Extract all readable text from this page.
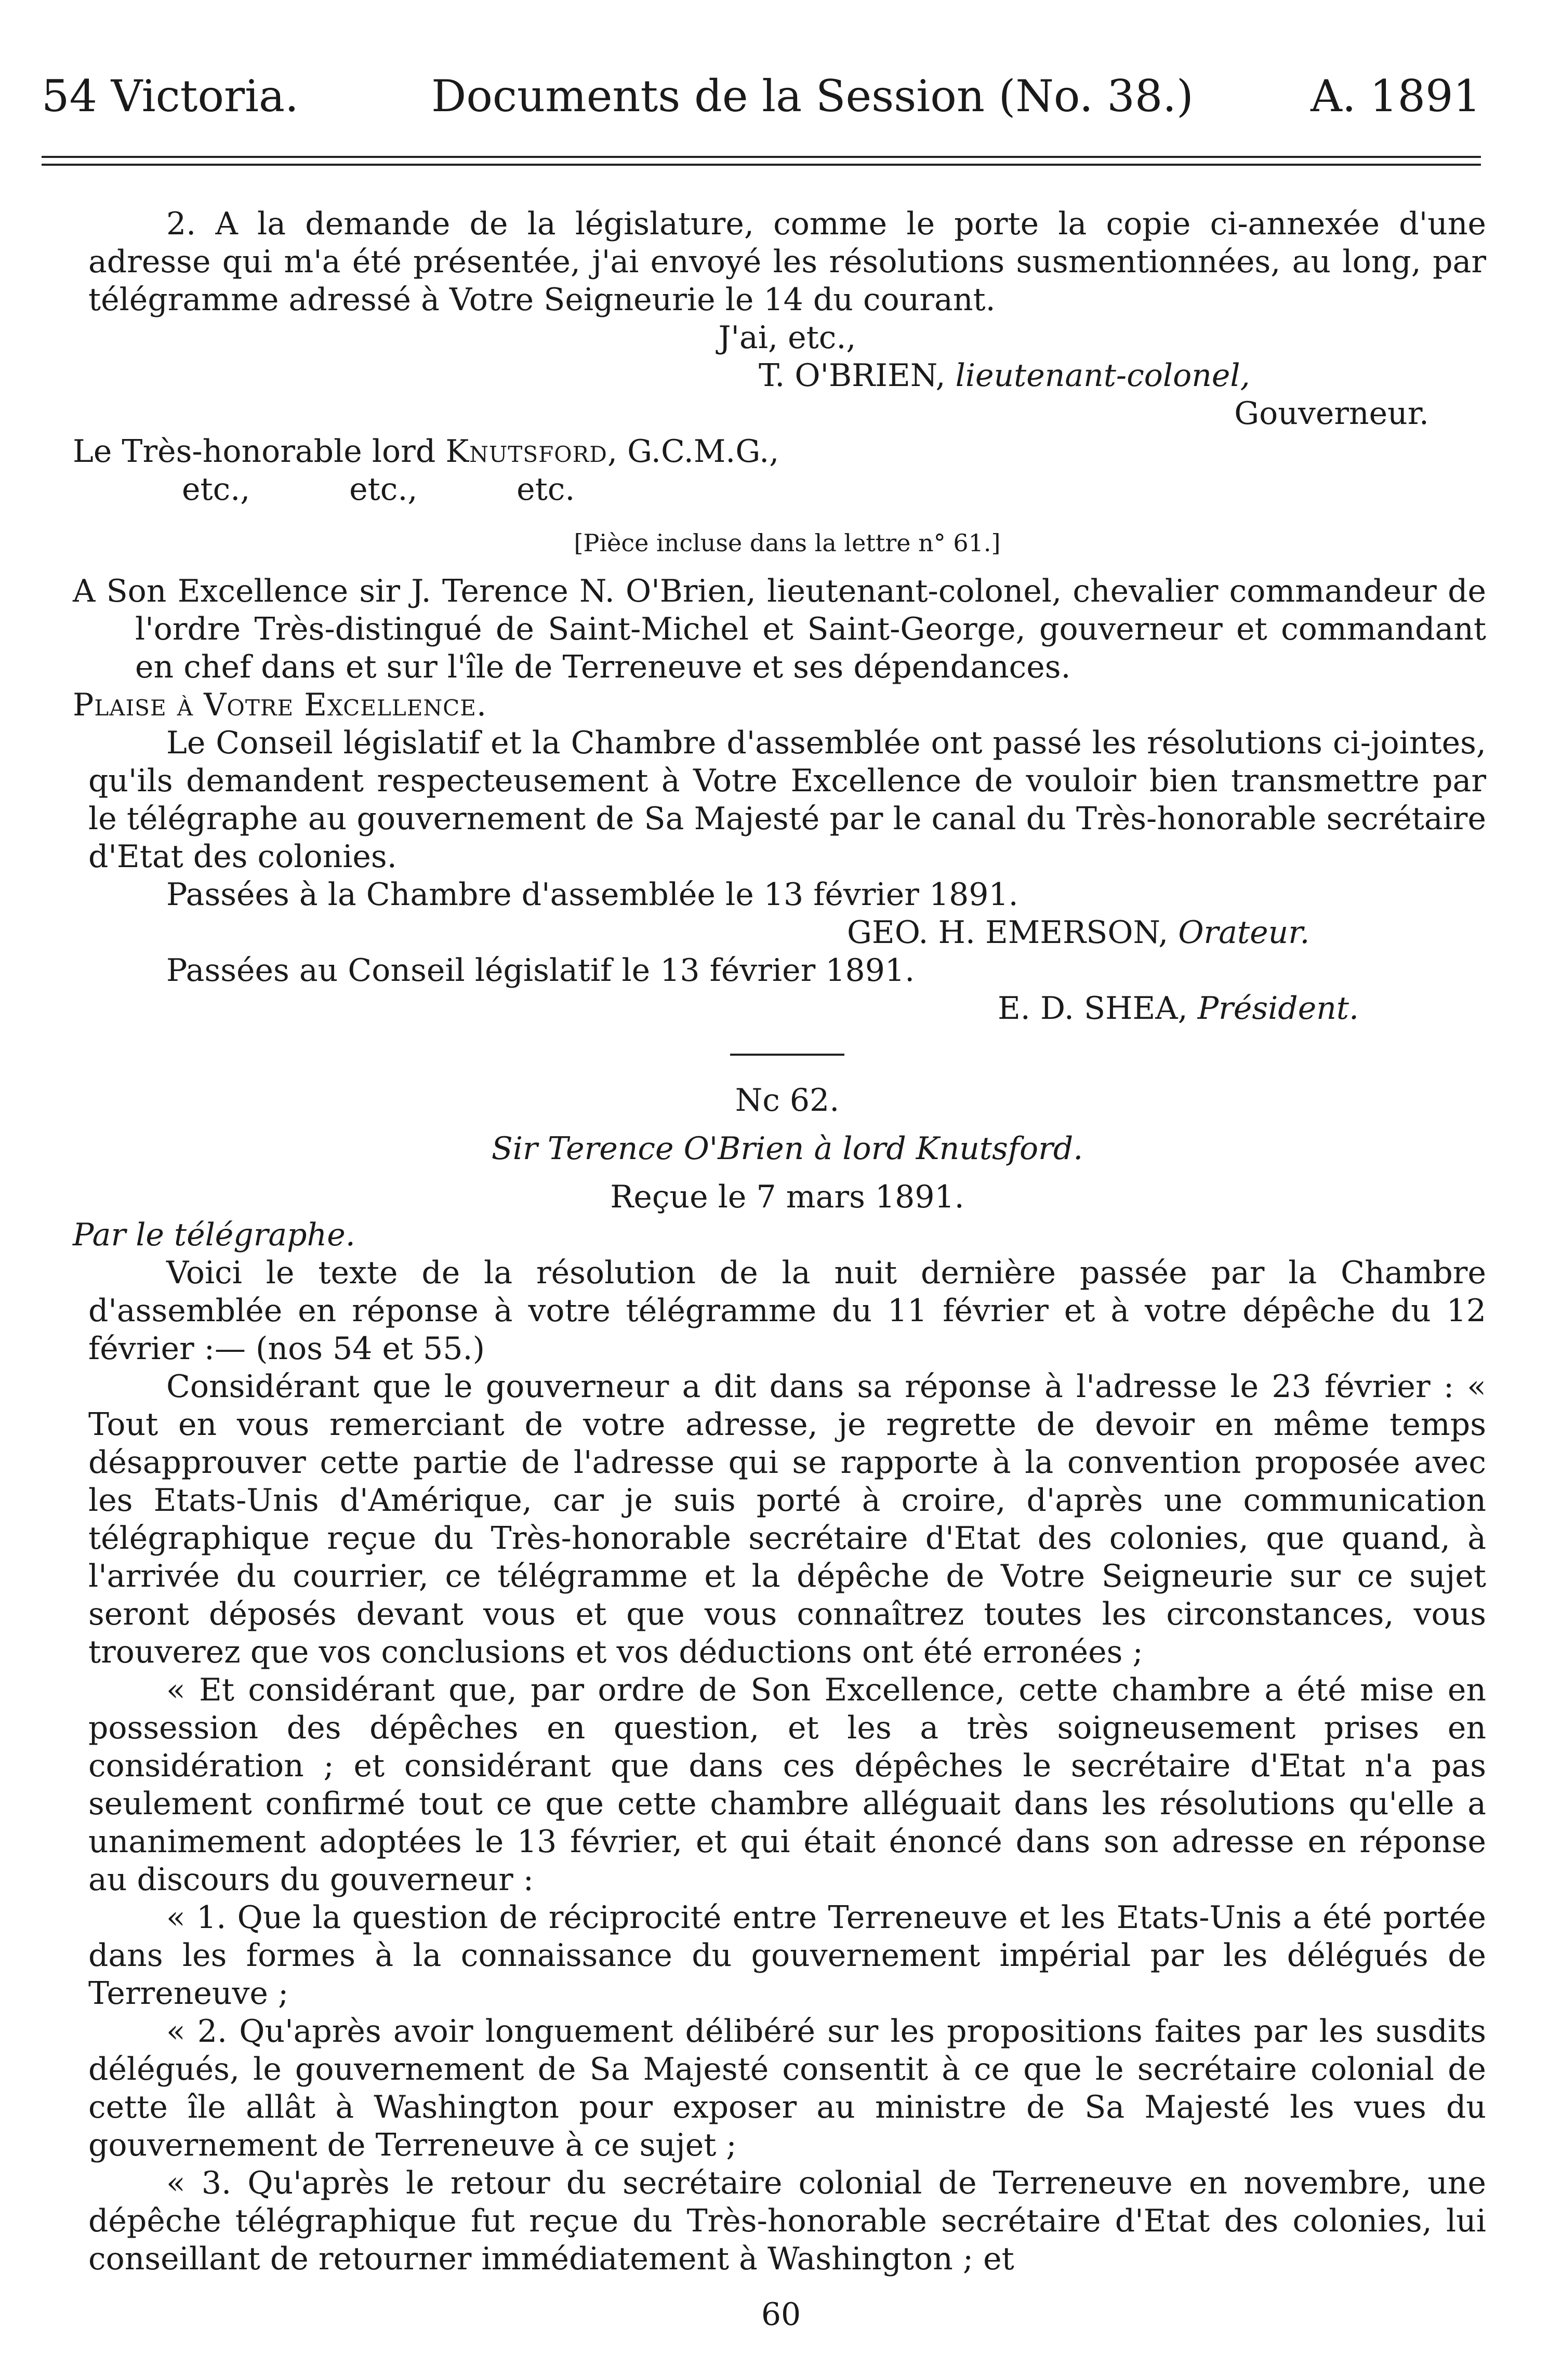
54 Victoria.	Documents de la Session (No. 38.)	A. 1891

2. A la demande de la législature, comme le porte la copie ci-annexée d'une adresse qui m'a été présentée, j'ai envoyé les résolutions susmentionnées, au long, par télégramme adressé à Votre Seigneurie le 14 du courant.

J'ai, etc.,

T. O'BRIEN, lieutenant-colonel,

Gouverneur.

Le Très-honorable lord Knutsford, G.C.M.G.,

etc.,          etc.,          etc.

[Pièce incluse dans la lettre n° 61.]

A Son Excellence sir J. Terence N. O'Brien, lieutenant-colonel, chevalier commandeur de l'ordre Très-distingué de Saint-Michel et Saint-George, gouverneur et commandant en chef dans et sur l'île de Terreneuve et ses dépendances.

Plaise à Votre Excellence.

Le Conseil législatif et la Chambre d'assemblée ont passé les résolutions ci-jointes, qu'ils demandent respecteusement à Votre Excellence de vouloir bien transmettre par le télégraphe au gouvernement de Sa Majesté par le canal du Très-honorable secrétaire d'Etat des colonies.

Passées à la Chambre d'assemblée le 13 février 1891.

GEO. H. EMERSON, Orateur.

Passées au Conseil législatif le 13 février 1891.

E. D. SHEA, Président.

Nc 62.

Sir Terence O'Brien à lord Knutsford.

Reçue le 7 mars 1891.

Par le télégraphe.

Voici le texte de la résolution de la nuit dernière passée par la Chambre d'assemblée en réponse à votre télégramme du 11 février et à votre dépêche du 12 février :— (nos 54 et 55.)

Considérant que le gouverneur a dit dans sa réponse à l'adresse le 23 février : « Tout en vous remerciant de votre adresse, je regrette de devoir en même temps désapprouver cette partie de l'adresse qui se rapporte à la convention proposée avec les Etats-Unis d'Amérique, car je suis porté à croire, d'après une communication télégraphique reçue du Très-honorable secrétaire d'Etat des colonies, que quand, à l'arrivée du courrier, ce télégramme et la dépêche de Votre Seigneurie sur ce sujet seront déposés devant vous et que vous connaîtrez toutes les circonstances, vous trouverez que vos conclusions et vos déductions ont été erronées ;

« Et considérant que, par ordre de Son Excellence, cette chambre a été mise en possession des dépêches en question, et les a très soigneusement prises en considération ; et considérant que dans ces dépêches le secrétaire d'Etat n'a pas seulement confirmé tout ce que cette chambre alléguait dans les résolutions qu'elle a unanimement adoptées le 13 février, et qui était énoncé dans son adresse en réponse au discours du gouverneur :

« 1. Que la question de réciprocité entre Terreneuve et les Etats-Unis a été portée dans les formes à la connaissance du gouvernement impérial par les délégués de Terreneuve ;

« 2. Qu'après avoir longuement délibéré sur les propositions faites par les susdits délégués, le gouvernement de Sa Majesté consentit à ce que le secrétaire colonial de cette île allât à Washington pour exposer au ministre de Sa Majesté les vues du gouvernement de Terreneuve à ce sujet ;

« 3. Qu'après le retour du secrétaire colonial de Terreneuve en novembre, une dépêche télégraphique fut reçue du Très-honorable secrétaire d'Etat des colonies, lui conseillant de retourner immédiatement à Washington ; et

60
